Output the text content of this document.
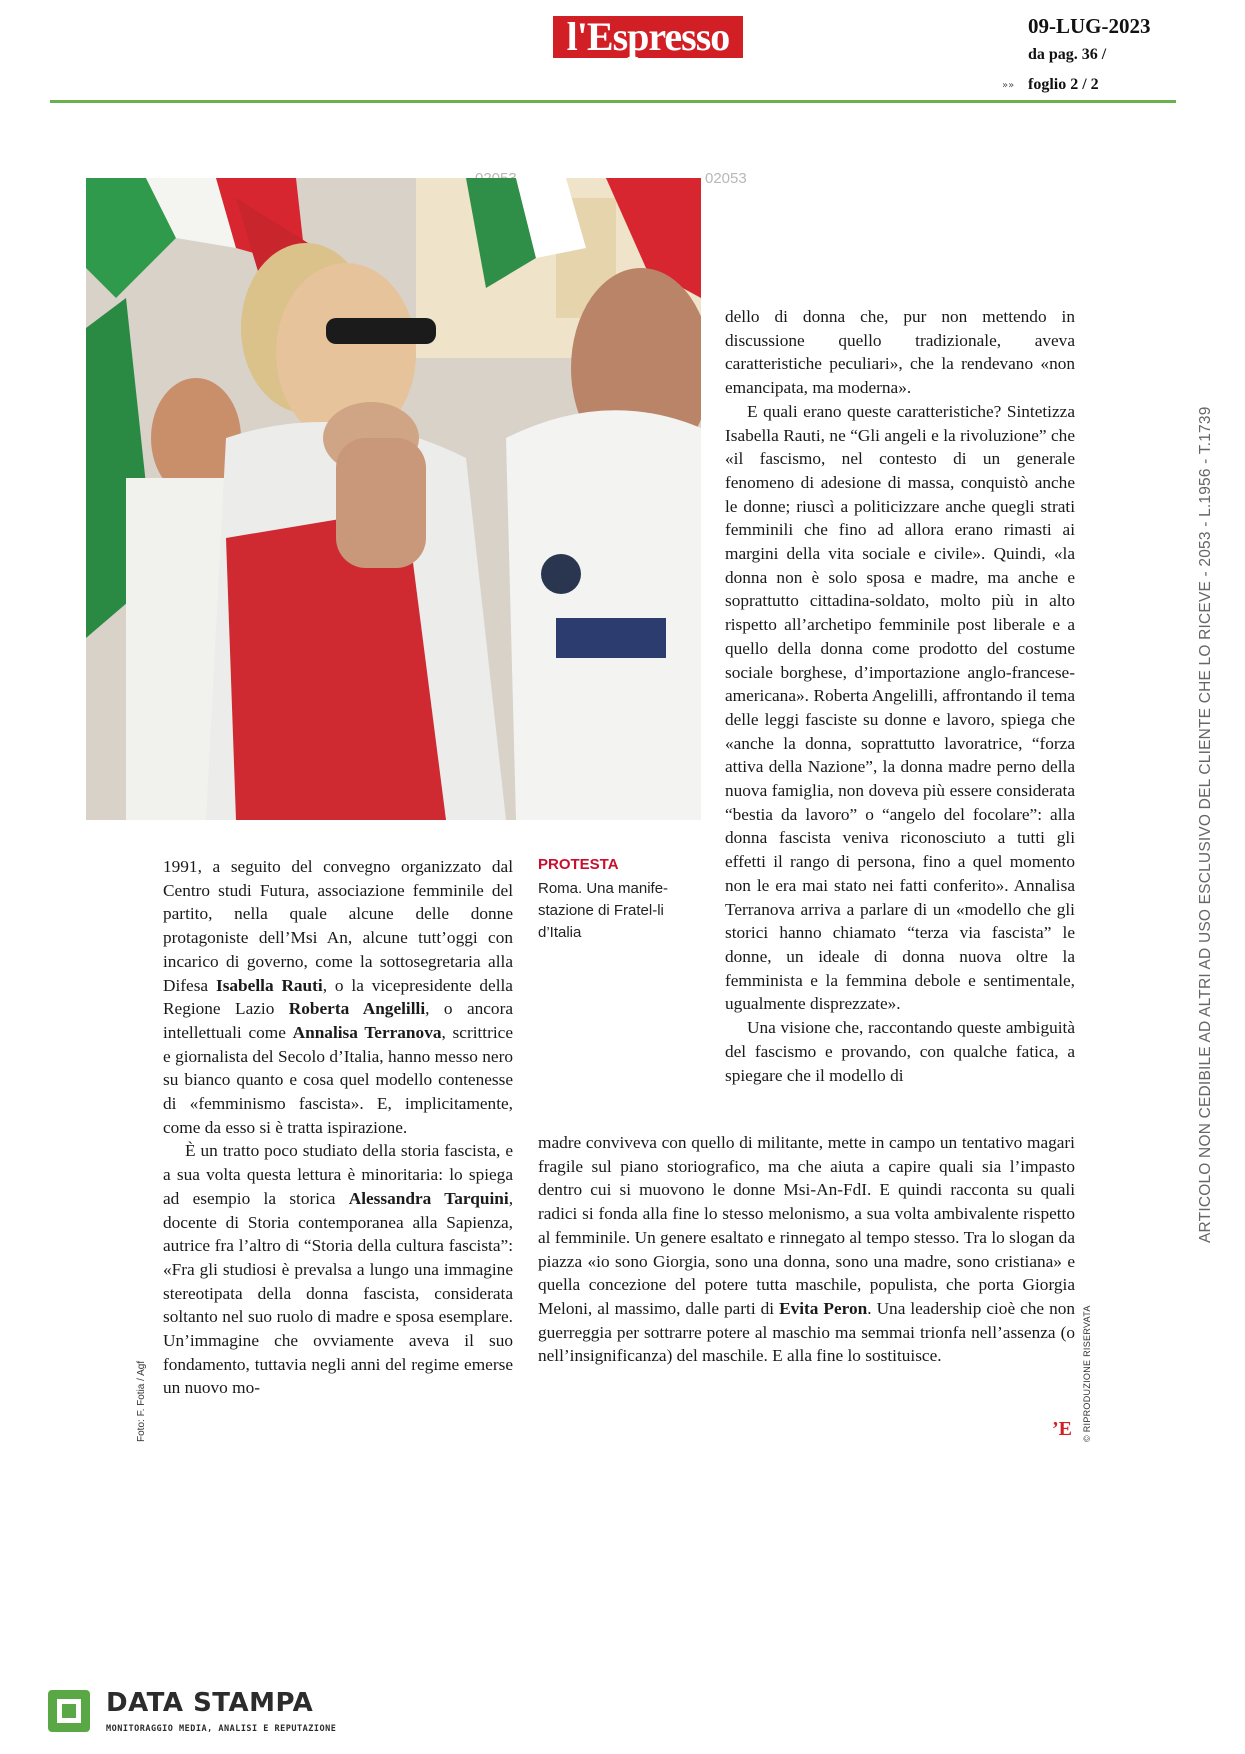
l'Espresso	09-LUG-2023
da pag. 36 /
»» foglio 2 / 2
02053
Foto: F. Fotia / Agf
PROTESTA
Roma. Una manife-stazione di Fratel-li d’Italia

1991, a seguito del convegno organizzato dal Centro studi Futura, associazione femminile del partito, nella quale alcune delle donne protagoniste dell’Msi An, alcune tutt’oggi con incarico di governo, come la sottosegretaria alla Difesa Isabella Rauti, o la vicepresidente della Regione Lazio Roberta Angelilli, o ancora intellettuali come Annalisa Terranova, scrittrice e giornalista del Secolo d’Italia, hanno messo nero su bianco quanto e cosa quel modello contenesse di «femminismo fascista». E, implicitamente, come da esso si è tratta ispirazione.

È un tratto poco studiato della storia fascista, e a sua volta questa lettura è minoritaria: lo spiega ad esempio la storica Alessandra Tarquini, docente di Storia contemporanea alla Sapienza, autrice fra l’altro di “Storia della cultura fascista”: «Fra gli studiosi è prevalsa a lungo una immagine stereotipata della donna fascista, considerata soltanto nel suo ruolo di madre e sposa esemplare. Un’immagine che ovviamente aveva il suo fondamento, tuttavia negli anni del regime emerse un nuovo mo-

dello di donna che, pur non mettendo in discussione quello tradizionale, aveva caratteristiche peculiari», che la rendevano «non emancipata, ma moderna».

E quali erano queste caratteristiche? Sintetizza Isabella Rauti, ne “Gli angeli e la rivoluzione” che «il fascismo, nel contesto di un generale fenomeno di adesione di massa, conquistò anche le donne; riuscì a politicizzare anche quegli strati femminili che fino ad allora erano rimasti ai margini della vita sociale e civile». Quindi, «la donna non è solo sposa e madre, ma anche e soprattutto cittadina-soldato, molto più in alto rispetto all’archetipo femminile post liberale e a quello della donna come prodotto del costume sociale borghese, d’importazione anglo-francese-americana». Roberta Angelilli, affrontando il tema delle leggi fasciste su donne e lavoro, spiega che «anche la donna, soprattutto lavoratrice, “forza attiva della Nazione”, la donna madre perno della nuova famiglia, non doveva più essere considerata “bestia da lavoro” o “angelo del focolare”: alla donna fascista veniva riconosciuto a tutti gli effetti il rango di persona, fino a quel momento non le era mai stato nei fatti conferito». Annalisa Terranova arriva a parlare di un «modello che gli storici hanno chiamato “terza via fascista” le donne, un ideale di donna nuova oltre la femminista e la femmina debole e sentimentale, ugualmente disprezzate».

Una visione che, raccontando queste ambiguità del fascismo e provando, con qualche fatica, a spiegare che il modello di

madre conviveva con quello di militante, mette in campo un tentativo magari fragile sul piano storiografico, ma che aiuta a capire quali sia l’impasto dentro cui si muovono le donne Msi-An-FdI. E quindi racconta su quali radici si fonda alla fine lo stesso melonismo, a sua volta ambivalente rispetto al femminile. Un genere esaltato e rinnegato al tempo stesso. Tra lo slogan da piazza «io sono Giorgia, sono una donna, sono una madre, sono cristiana» e quella concezione del potere tutta maschile, populista, che porta Giorgia Meloni, al massimo, dalle parti di Evita Peron. Una leadership cioè che non guerreggia per sottrarre potere al maschio ma semmai trionfa nell’assenza (o nell’insignificanza) del maschile. E alla fine lo sostituisce.

’E © RIPRODUZIONE RISERVATA
ARTICOLO NON CEDIBILE AD ALTRI AD USO ESCLUSIVO DEL CLIENTE CHE LO RICEVE - 2053 - L.1956 - T.1739
DATA STAMPA
MONITORAGGIO MEDIA, ANALISI E REPUTAZIONE
